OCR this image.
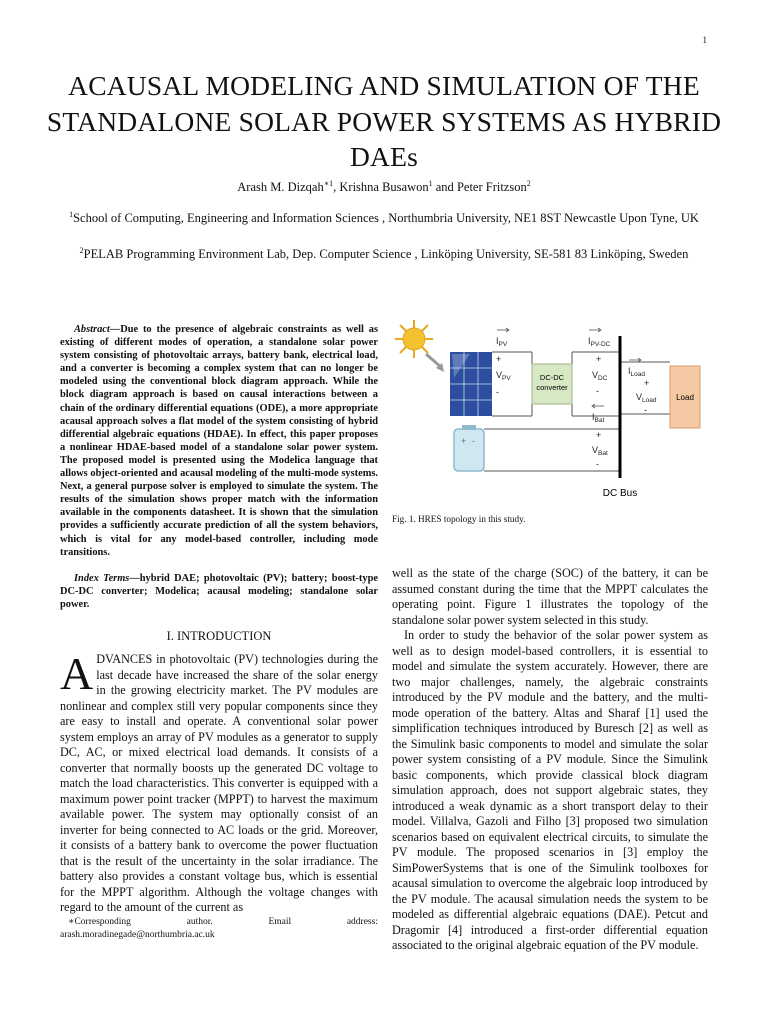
1
ACAUSAL MODELING AND SIMULATION OF THE STANDALONE SOLAR POWER SYSTEMS AS HYBRID DAEs
Arash M. Dizqah$^{∗1}$, Krishna Busawon$^1$ and Peter Fritzson$^2$
$^1$School of Computing, Engineering and Information Sciences , Northumbria University, NE1 8ST Newcastle Upon Tyne, UK
$^2$PELAB Programming Environment Lab, Dep. Computer Science , Linköping University, SE-581 83 Linköping, Sweden
Abstract—Due to the presence of algebraic constraints as well as existing of different modes of operation, a standalone solar power system consisting of photovoltaic arrays, battery bank, electrical load, and a converter is becoming a complex system that can no longer be modeled using the conventional block diagram approach. While the block diagram approach is based on causal interactions between a chain of the ordinary differential equations (ODE), a more appropriate acausal approach solves a flat model of the system consisting of hybrid differential algebraic equations (HDAE). In effect, this paper proposes a nonlinear HDAE-based model of a standalone solar power system. The proposed model is presented using the Modelica language that allows object-oriented and acausal modeling of the multi-mode systems. Next, a general purpose solver is employed to simulate the system. The results of the simulation shows proper match with the information available in the components datasheet. It is shown that the simulation provides a sufficiently accurate prediction of all the system behaviors, which is vital for any model-based controller, including mode transitions.
Index Terms—hybrid DAE; photovoltaic (PV); battery; boost-type DC-DC converter; Modelica; acausal modeling; standalone solar power.
I. INTRODUCTION
ADVANCES in photovoltaic (PV) technologies during the last decade have increased the share of the solar energy in the growing electricity market. The PV modules are nonlinear and complex still very popular components since they are easy to install and operate. A conventional solar power system employs an array of PV modules as a generator to supply DC, AC, or mixed electrical load demands. It consists of a converter that normally boosts up the generated DC voltage to match the load characteristics. This converter is equipped with a maximum power point tracker (MPPT) to harvest the maximum available power. The system may optionally consist of an inverter for being connected to AC loads or the grid. Moreover, it consists of a battery bank to overcome the power fluctuation that is the result of the uncertainty in the solar irradiance. The battery also provides a constant voltage bus, which is essential for the MPPT algorithm. Although the voltage changes with regard to the amount of the current as
∗Corresponding	author.	Email	address:
arash.moradinegade@northumbria.ac.uk
+ -
DC-DC
converter
Load
DC Bus
$I_{PV}$
+
$V_{PV}$
-
$I_{PV-DC}$
+
$V_{DC}$
-
$I_{Load}$
+
$V_{Load}$
-
$I_{Bat}$
+
$V_{Bat}$
-
Fig. 1. HRES topology in this study.

well as the state of the charge (SOC) of the battery, it can be assumed constant during the time that the MPPT calculates the operating point. Figure 1 illustrates the topology of the standalone solar power system selected in this study.

In order to study the behavior of the solar power system as well as to design model-based controllers, it is essential to model and simulate the system accurately. However, there are two major challenges, namely, the algebraic constraints introduced by the PV module and the battery, and the multi-mode operation of the battery. Altas and Sharaf [1] used the simplification techniques introduced by Buresch [2] as well as the Simulink basic components to model and simulate the solar power system consisting of a PV module. Since the Simulink basic components, which provide classical block diagram simulation approach, does not support algebraic states, they introduced a weak dynamic as a short transport delay to their model. Villalva, Gazoli and Filho [3] proposed two simulation scenarios based on equivalent electrical circuits, to simulate the PV module. The proposed scenarios in [3] employ the SimPowerSystems that is one of the Simulink toolboxes for acausal simulation to overcome the algebraic loop introduced by the PV module. The acausal simulation needs the system to be modeled as differential algebraic equations (DAE). Petcut and Dragomir [4] introduced a first-order differential equation associated to the original algebraic equation of the PV module.
